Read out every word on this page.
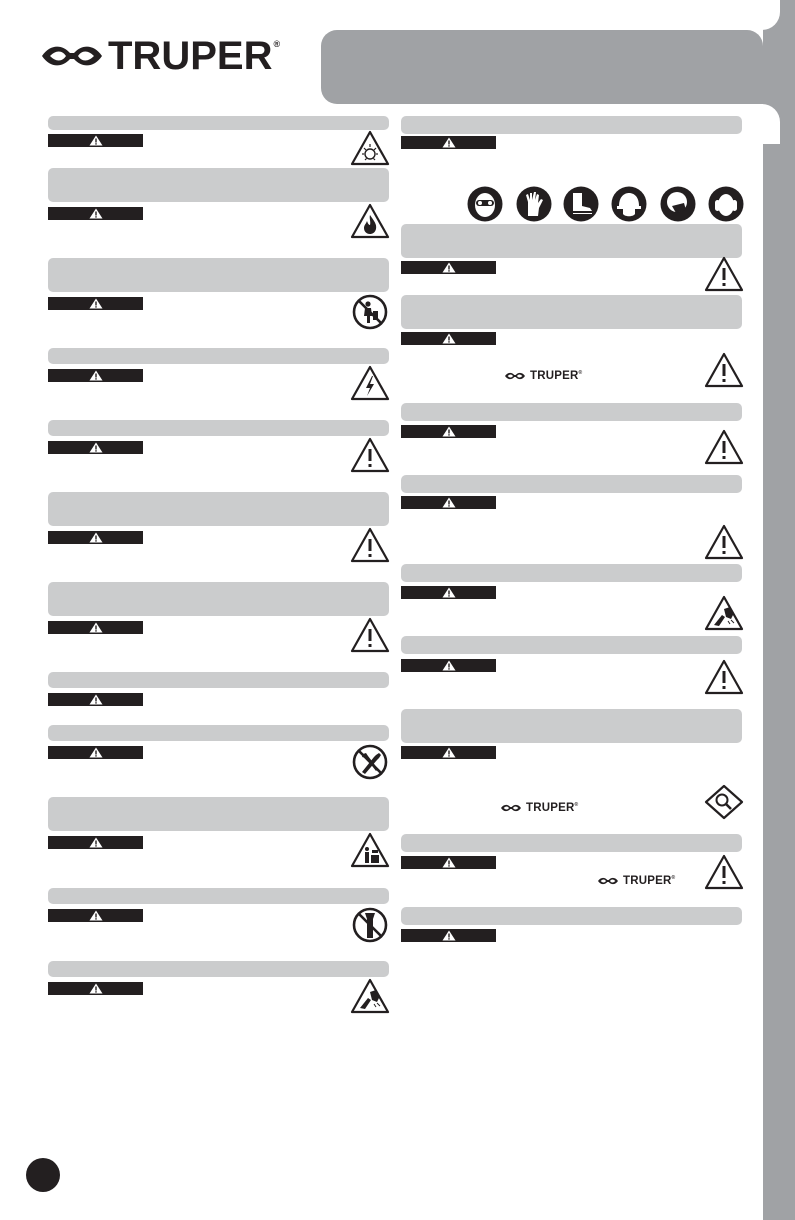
TRUPER®
TRUPER®
TRUPER®
TRUPER®
